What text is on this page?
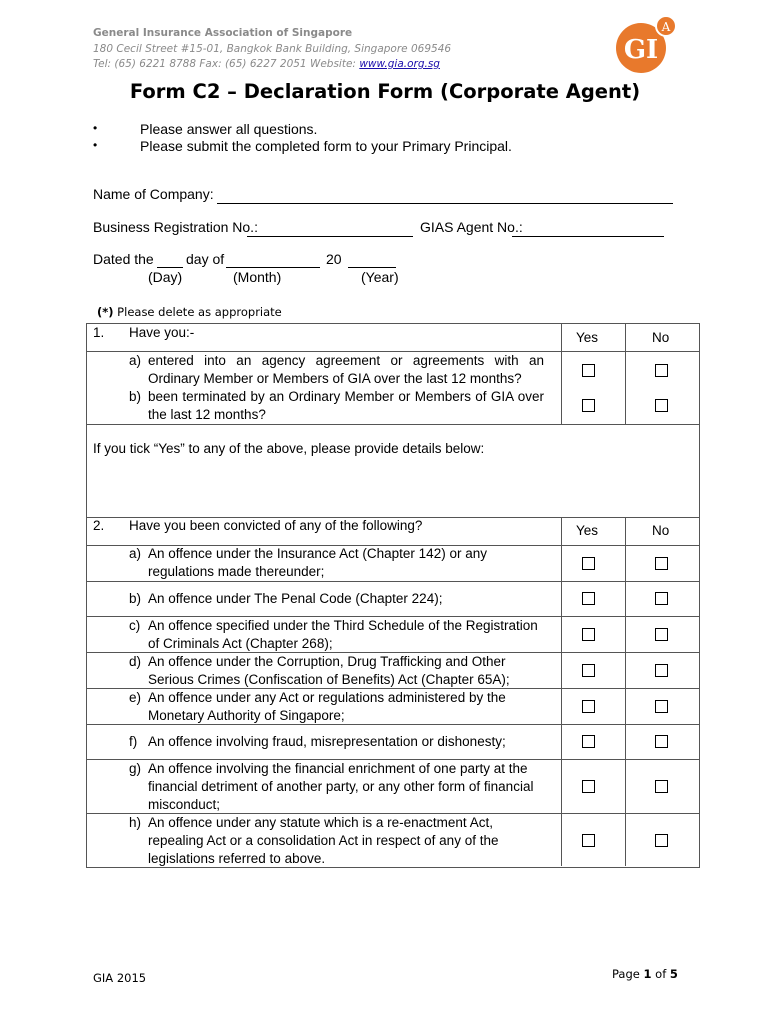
General Insurance Association of Singapore
180 Cecil Street #15-01, Bangkok Bank Building, Singapore 069546
Tel: (65) 6221 8788 Fax: (65) 6227 2051 Website: www.gia.org.sg	GI
A
Form C2 – Declaration Form (Corporate Agent)
•	Please answer all questions.
•	Please submit the completed form to your Primary Principal.
Name of Company:
Business Registration No.:	GIAS Agent No.:
Dated the day of	20
(Day)	(Month)	(Year)
(*) Please delete as appropriate
1. Have you:-	Yes	No
a) entered into an agency agreement or agreements with an Ordinary Member or Members of GIA over the last 12 months?
b) been terminated by an Ordinary Member or Members of GIA over the last 12 months?
If you tick “Yes” to any of the above, please provide details below:
2. Have you been convicted of any of the following?	Yes	No
a) An offence under the Insurance Act (Chapter 142) or any regulations made thereunder;
b) An offence under The Penal Code (Chapter 224);
c) An offence specified under the Third Schedule of the Registration of Criminals Act (Chapter 268);
d) An offence under the Corruption, Drug Trafficking and Other Serious Crimes (Confiscation of Benefits) Act (Chapter 65A);
e) An offence under any Act or regulations administered by the Monetary Authority of Singapore;
f) An offence involving fraud, misrepresentation or dishonesty;
g) An offence involving the financial enrichment of one party at the financial detriment of another party, or any other form of financial misconduct;
h) An offence under any statute which is a re-enactment Act, repealing Act or a consolidation Act in respect of any of the legislations referred to above.
GIA 2015	Page 1 of 5
